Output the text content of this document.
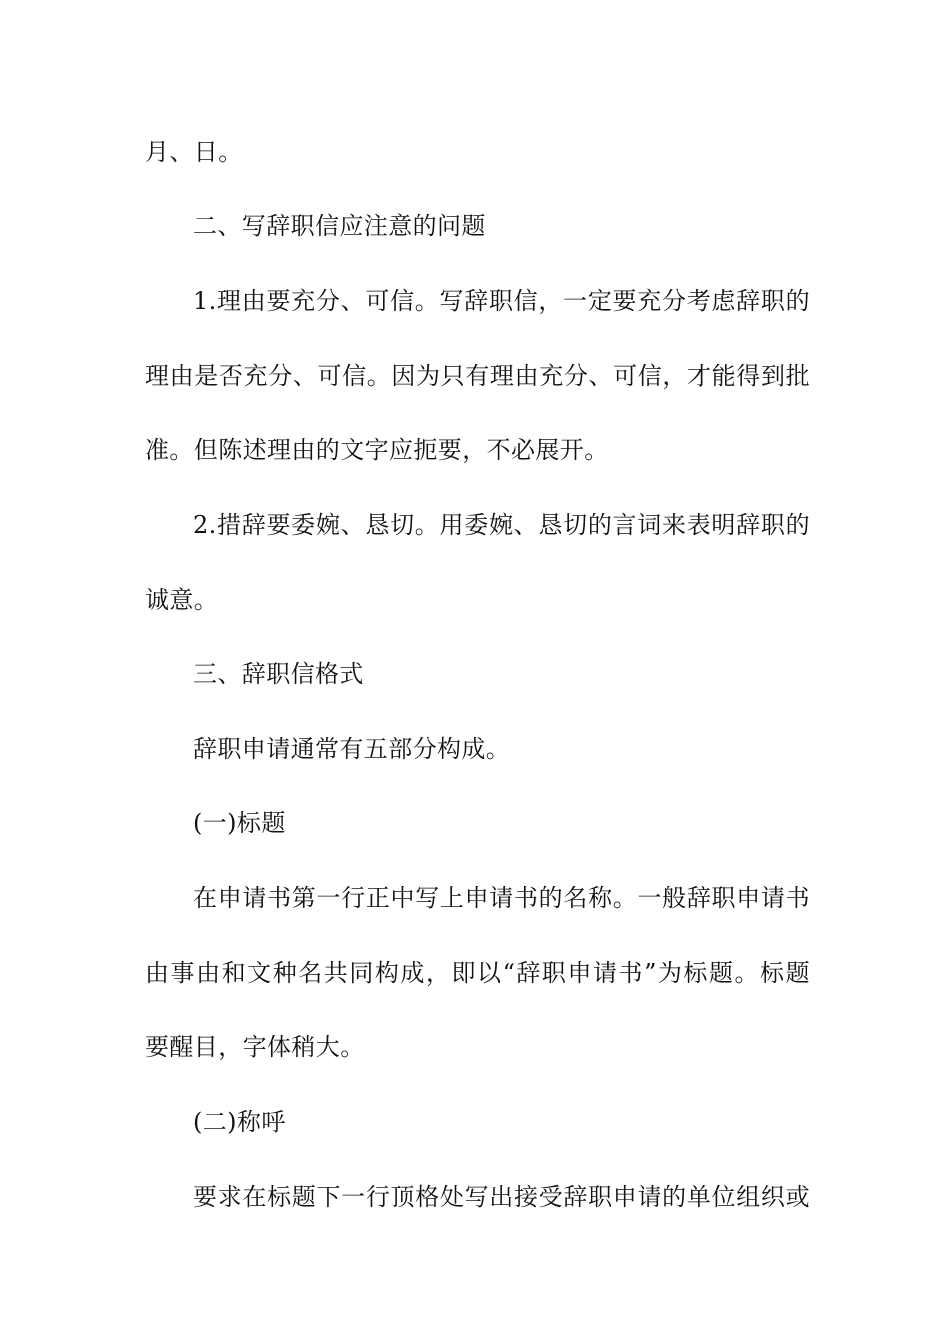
月、日。
二、写辞职信应注意的问题
1.理由要充分、可信。写辞职信，一定要充分考虑辞职的
理由是否充分、可信。因为只有理由充分、可信，才能得到批
准。但陈述理由的文字应扼要，不必展开。
2.措辞要委婉、恳切。用委婉、恳切的言词来表明辞职的
诚意。
三、辞职信格式
辞职申请通常有五部分构成。
(一)标题
在申请书第一行正中写上申请书的名称。一般辞职申请书
由事由和文种名共同构成，即以“辞职申请书”为标题。标题
要醒目，字体稍大。
(二)称呼
要求在标题下一行顶格处写出接受辞职申请的单位组织或
